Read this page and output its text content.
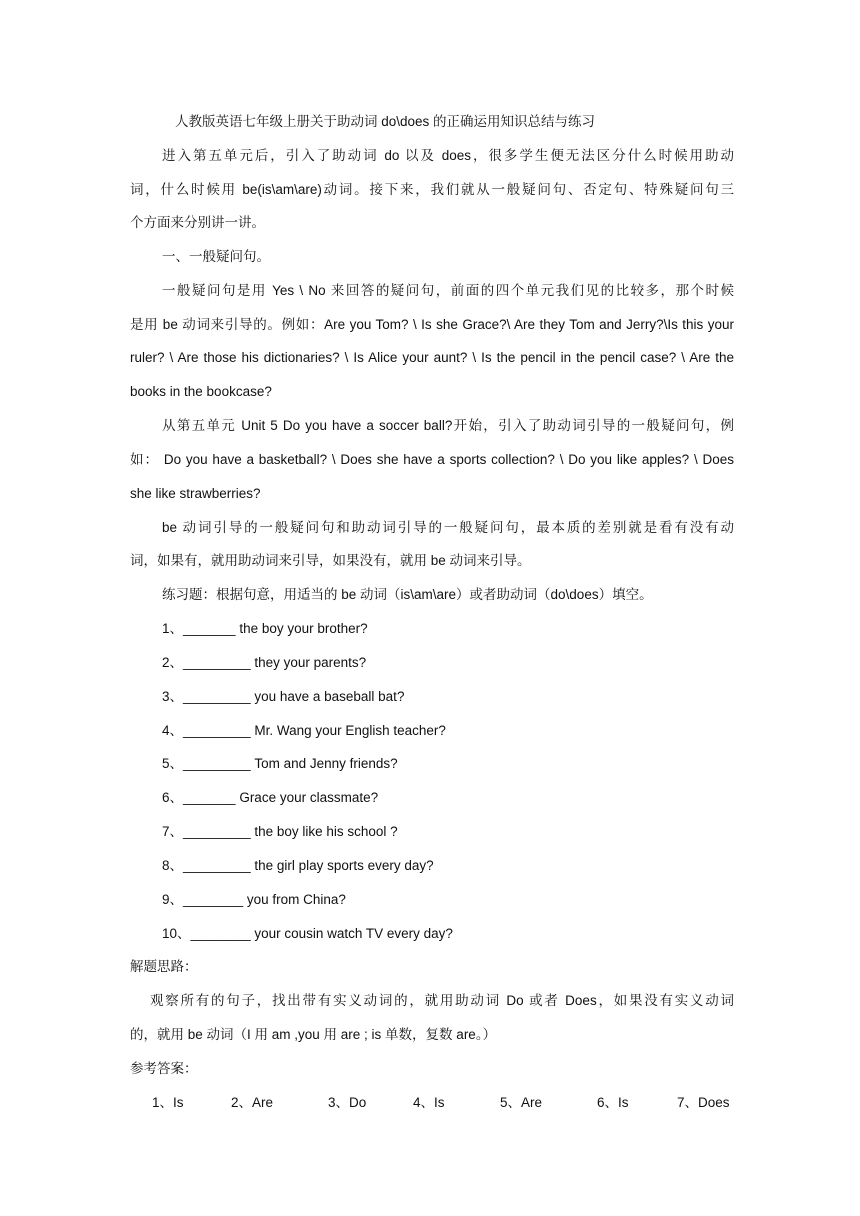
人教版英语七年级上册关于助动词 do\does 的正确运用知识总结与练习
进入第五单元后，引入了助动词 do 以及 does，很多学生便无法区分什么时候用助动
词，什么时候用 be(is\am\are)动词。接下来，我们就从一般疑问句、否定句、特殊疑问句三
个方面来分别讲一讲。
一、一般疑问句。
一般疑问句是用 Yes \ No 来回答的疑问句，前面的四个单元我们见的比较多，那个时候
是用 be 动词来引导的。例如：Are you Tom? \ Is she Grace?\ Are they Tom and Jerry?\Is this your
ruler? \ Are those his dictionaries? \ Is Alice your aunt? \ Is the pencil in the pencil case? \ Are the
books in the bookcase?
从第五单元 Unit 5 Do you have a soccer ball?开始，引入了助动词引导的一般疑问句，例
如： Do you have a basketball? \ Does she have a sports collection? \ Do you like apples? \ Does
she like strawberries?
be 动词引导的一般疑问句和助动词引导的一般疑问句，最本质的差别就是看有没有动
词，如果有，就用助动词来引导，如果没有，就用 be 动词来引导。
练习题：根据句意，用适当的 be 动词（is\am\are）或者助动词（do\does）填空。
1、_______ the boy your brother?
2、_________ they your parents?
3、_________ you have a baseball bat?
4、_________ Mr. Wang your English teacher?
5、_________ Tom and Jenny friends?
6、_______ Grace your classmate?
7、_________ the boy like his school ?
8、_________ the girl play sports every day?
9、________ you from China?
10、________ your cousin watch TV every day?
解题思路：
观察所有的句子，找出带有实义动词的，就用助动词 Do 或者 Does，如果没有实义动词
的，就用 be 动词（I 用 am ,you 用 are ; is 单数，复数 are。）
参考答案：
1、Is	2、Are	3、Do	4、Is	5、Are	6、Is	7、Does
